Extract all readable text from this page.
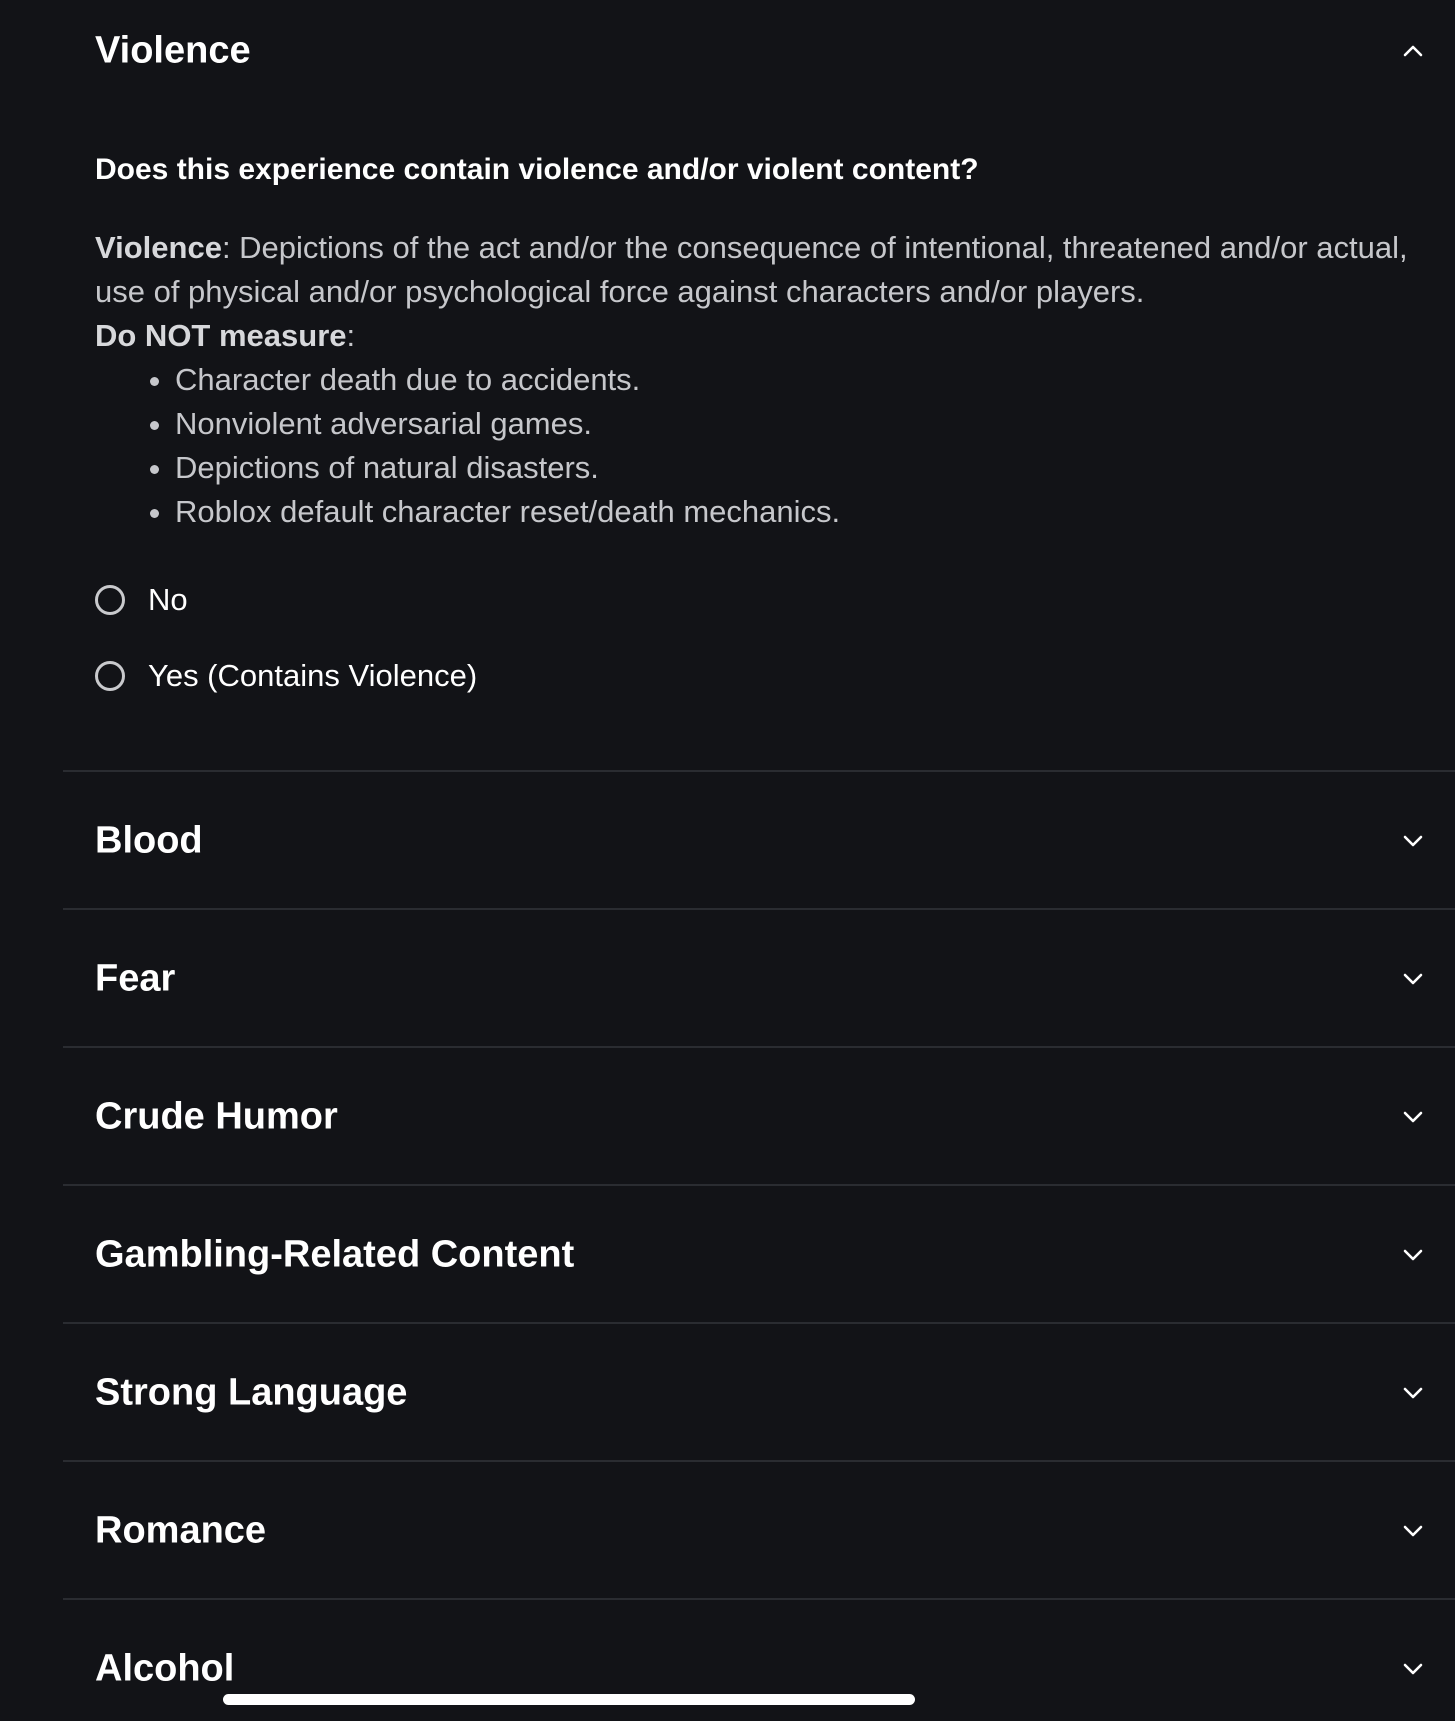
Violence
Does this experience contain violence and/or violent content?
Violence: Depictions of the act and/or the consequence of intentional, threatened and/or actual, use of physical and/or psychological force against characters and/or players.
Do NOT measure:
• Character death due to accidents.
• Nonviolent adversarial games.
• Depictions of natural disasters.
• Roblox default character reset/death mechanics.
No
Yes (Contains Violence)
Blood
Fear
Crude Humor
Gambling-Related Content
Strong Language
Romance
Alcohol
